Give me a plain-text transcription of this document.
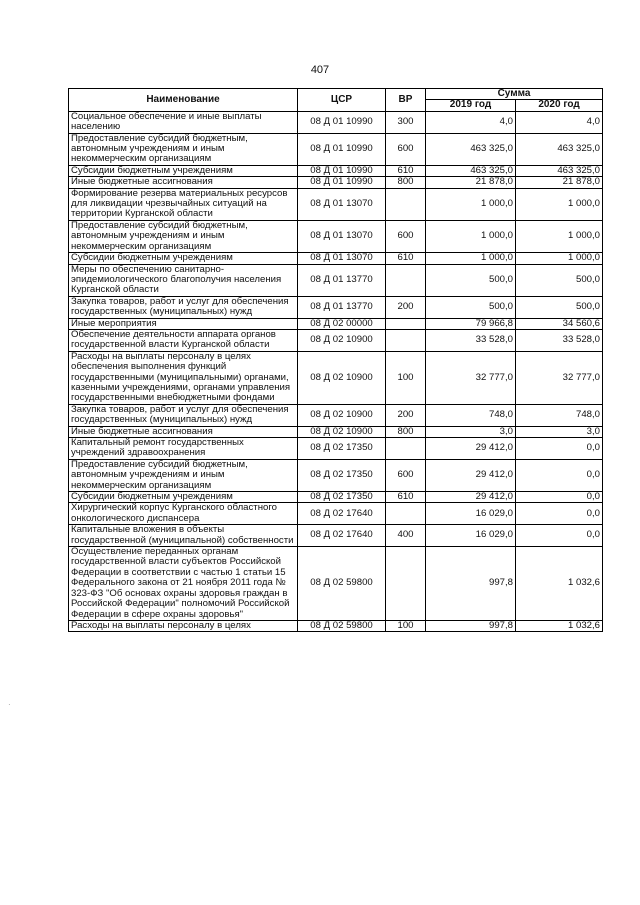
407
Наименование	ЦСР	ВР	Сумма	
			2019 год	2020 год
Социальное обеспечение и иные выплаты населению	08 Д 01 10990	300	4,0	4,0
Предоставление субсидий бюджетным, автономным учреждениям и иным некоммерческим организациям	08 Д 01 10990	600	463 325,0	463 325,0
Субсидии бюджетным учреждениям	08 Д 01 10990	610	463 325,0	463 325,0
Иные бюджетные ассигнования	08 Д 01 10990	800	21 878,0	21 878,0
Формирование резерва материальных ресурсов для ликвидации чрезвычайных ситуаций на территории Курганской области	08 Д 01 13070		1 000,0	1 000,0
Предоставление субсидий бюджетным, автономным учреждениям и иным некоммерческим организациям	08 Д 01 13070	600	1 000,0	1 000,0
Субсидии бюджетным учреждениям	08 Д 01 13070	610	1 000,0	1 000,0
Меры по обеспечению санитарно-эпидемиологического благополучия населения Курганской области	08 Д 01 13770		500,0	500,0
Закупка товаров, работ и услуг для обеспечения государственных (муниципальных) нужд	08 Д 01 13770	200	500,0	500,0
Иные мероприятия	08 Д 02 00000		79 966,8	34 560,6
Обеспечение деятельности аппарата органов государственной власти Курганской области	08 Д 02 10900		33 528,0	33 528,0
Расходы на выплаты персоналу в целях обеспечения выполнения функций государственными (муниципальными) органами, казенными учреждениями, органами управления государственными внебюджетными фондами	08 Д 02 10900	100	32 777,0	32 777,0
Закупка товаров, работ и услуг для обеспечения государственных (муниципальных) нужд	08 Д 02 10900	200	748,0	748,0
Иные бюджетные ассигнования	08 Д 02 10900	800	3,0	3,0
Капитальный ремонт государственных учреждений здравоохранения	08 Д 02 17350		29 412,0	0,0
Предоставление субсидий бюджетным, автономным учреждениям и иным некоммерческим организациям	08 Д 02 17350	600	29 412,0	0,0
Субсидии бюджетным учреждениям	08 Д 02 17350	610	29 412,0	0,0
Хирургический корпус Курганского областного онкологического диспансера	08 Д 02 17640		16 029,0	0,0
Капитальные вложения в объекты государственной (муниципальной) собственности	08 Д 02 17640	400	16 029,0	0,0
Осуществление переданных органам государственной власти субъектов Российской Федерации в соответствии с частью 1 статьи 15 Федерального закона от 21 ноября 2011 года № 323-ФЗ "Об основах охраны здоровья граждан в Российской Федерации" полномочий Российской Федерации в сфере охраны здоровья"	08 Д 02 59800		997,8	1 032,6
Расходы на выплаты персоналу в целях	08 Д 02 59800	100	997,8	1 032,6
·
